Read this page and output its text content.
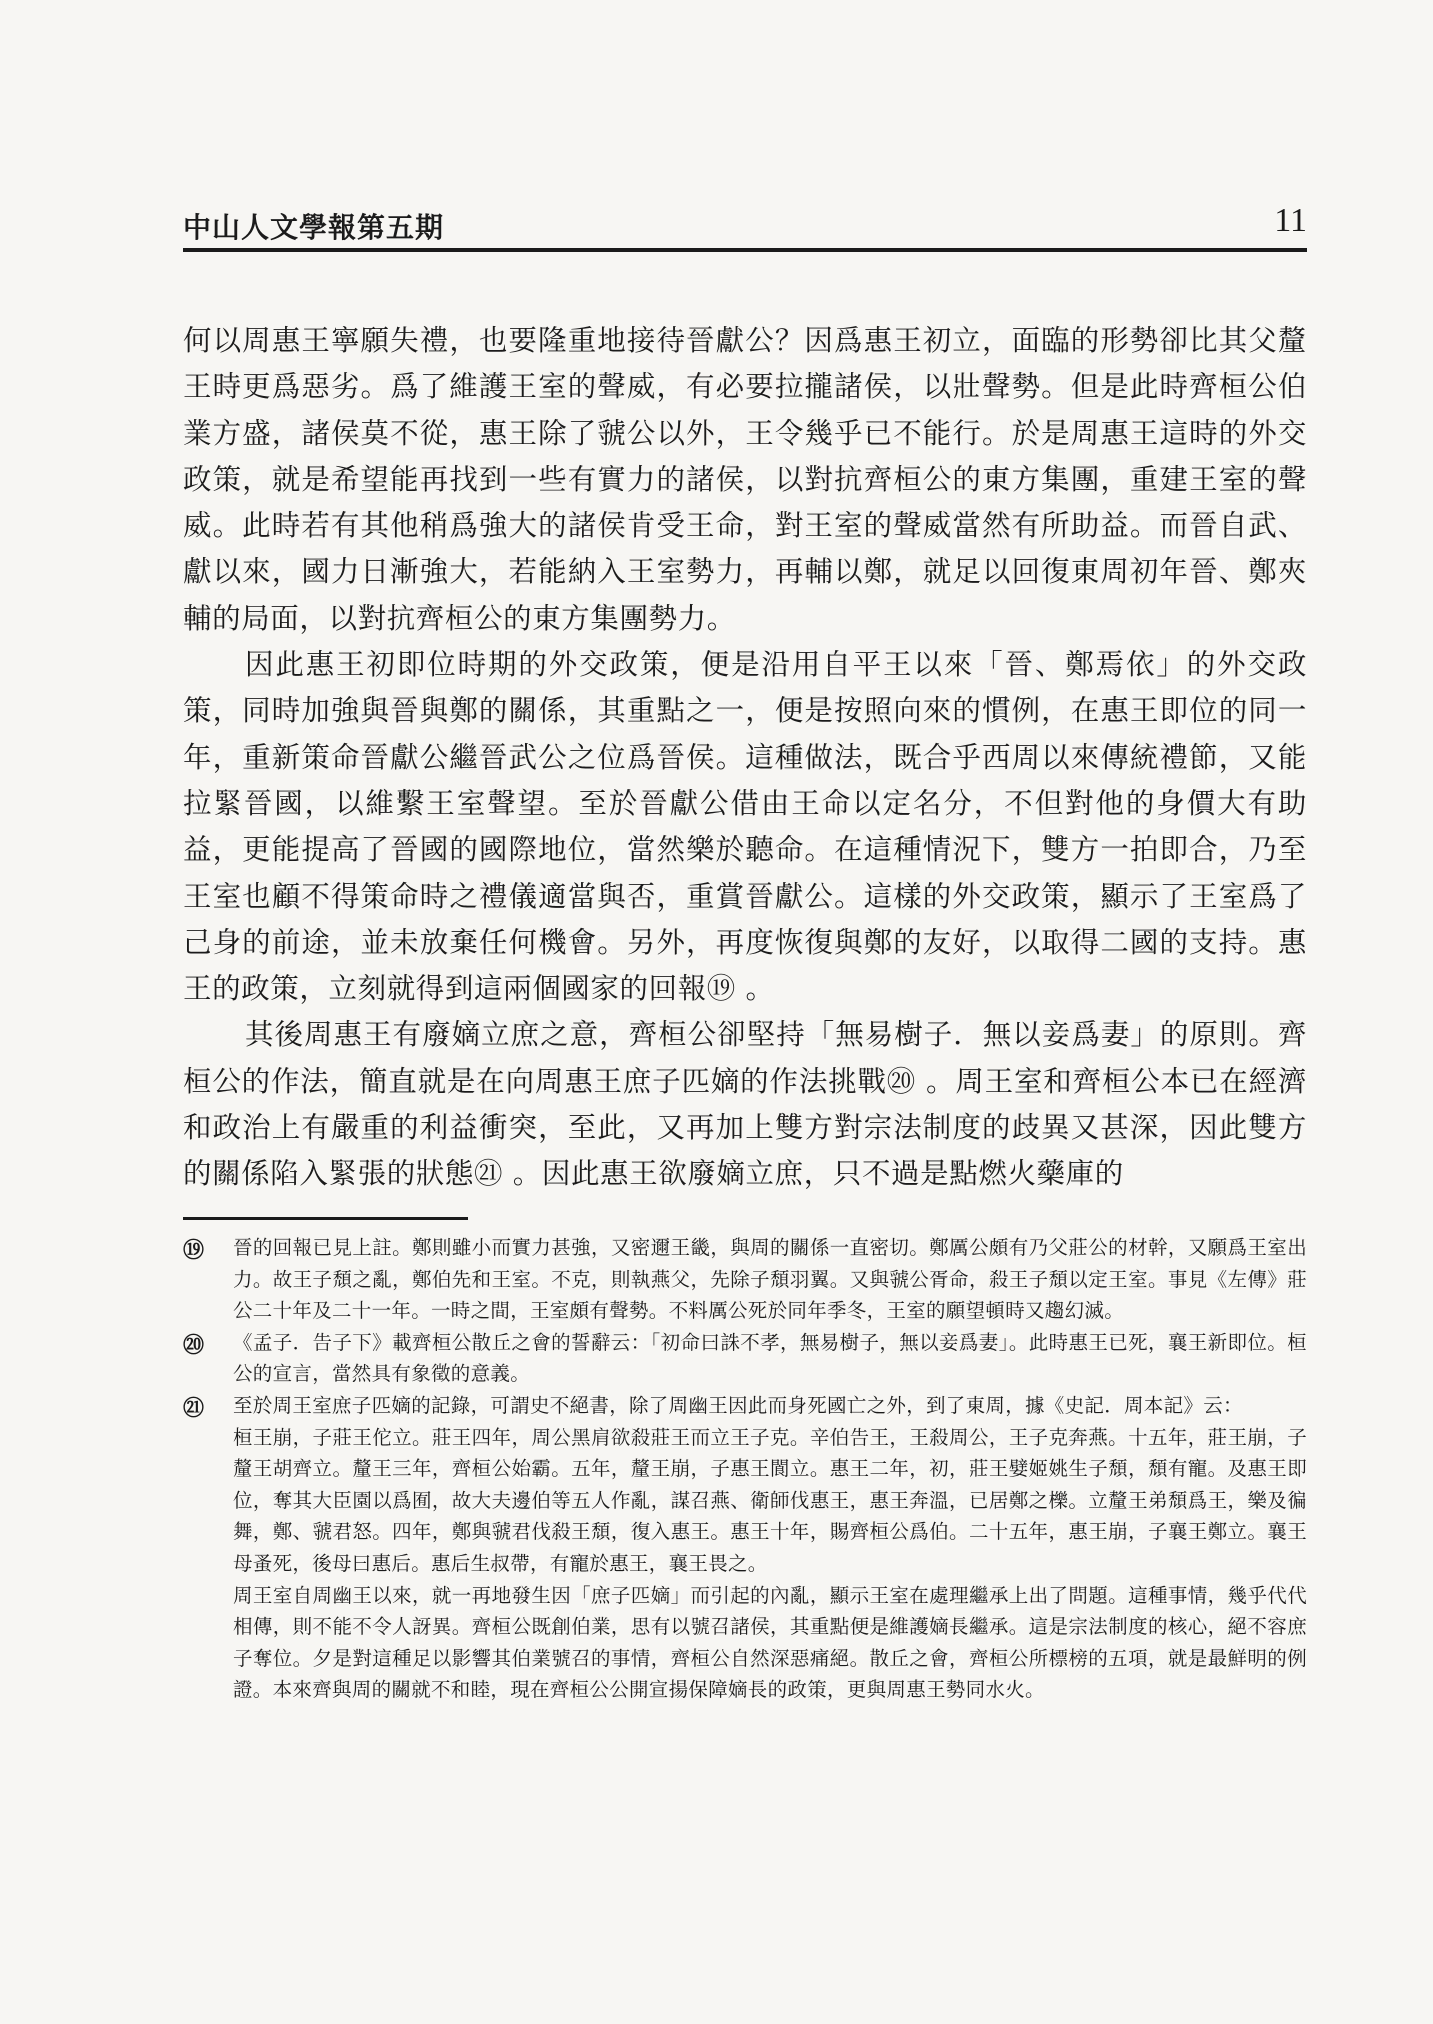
中山人文學報第五期	11

何以周惠王寧願失禮，也要隆重地接待晉獻公？因爲惠王初立，面臨的形勢卻比其父釐王時更爲惡劣。爲了維護王室的聲威，有必要拉攏諸侯，以壯聲勢。但是此時齊桓公伯業方盛，諸侯莫不從，惠王除了虢公以外，王令幾乎已不能行。於是周惠王這時的外交政策，就是希望能再找到一些有實力的諸侯，以對抗齊桓公的東方集團，重建王室的聲威。此時若有其他稍爲強大的諸侯肯受王命，對王室的聲威當然有所助益。而晉自武、獻以來，國力日漸強大，若能納入王室勢力，再輔以鄭，就足以回復東周初年晉、鄭夾輔的局面，以對抗齊桓公的東方集團勢力。

因此惠王初即位時期的外交政策，便是沿用自平王以來「晉、鄭焉依」的外交政策，同時加強與晉與鄭的關係，其重點之一，便是按照向來的慣例，在惠王即位的同一年，重新策命晉獻公繼晉武公之位爲晉侯。這種做法，既合乎西周以來傳統禮節，又能拉緊晉國，以維繫王室聲望。至於晉獻公借由王命以定名分，不但對他的身價大有助益，更能提高了晉國的國際地位，當然樂於聽命。在這種情況下，雙方一拍即合，乃至王室也顧不得策命時之禮儀適當與否，重賞晉獻公。這樣的外交政策，顯示了王室爲了己身的前途，並未放棄任何機會。另外，再度恢復與鄭的友好，以取得二國的支持。惠王的政策，立刻就得到這兩個國家的回報⑲ 。

其後周惠王有廢嫡立庶之意，齊桓公卻堅持「無易樹子．無以妾爲妻」的原則。齊桓公的作法，簡直就是在向周惠王庶子匹嫡的作法挑戰⑳ 。周王室和齊桓公本已在經濟和政治上有嚴重的利益衝突，至此，又再加上雙方對宗法制度的歧異又甚深，因此雙方的關係陷入緊張的狀態㉑ 。因此惠王欲廢嫡立庶，只不過是點燃火藥庫的

⑲ 晉的回報已見上註。鄭則雖小而實力甚強，又密邇王畿，與周的關係一直密切。鄭厲公頗有乃父莊公的材幹，又願爲王室出力。故王子頹之亂，鄭伯先和王室。不克，則執燕父，先除子頹羽翼。又與虢公胥命，殺王子頹以定王室。事見《左傳》莊公二十年及二十一年。一時之間，王室頗有聲勢。不料厲公死於同年季冬，王室的願望頓時又趨幻滅。

⑳ 《孟子．告子下》載齊桓公散丘之會的誓辭云：「初命曰誅不孝，無易樹子，無以妾爲妻」。此時惠王已死，襄王新即位。桓公的宣言，當然具有象徵的意義。

㉑ 至於周王室庶子匹嫡的記錄，可謂史不絕書，除了周幽王因此而身死國亡之外，到了東周，據《史記．周本記》云：

桓王崩，子莊王佗立。莊王四年，周公黑肩欲殺莊王而立王子克。辛伯告王，王殺周公，王子克奔燕。十五年，莊王崩，子釐王胡齊立。釐王三年，齊桓公始霸。五年，釐王崩，子惠王閬立。惠王二年，初，莊王嬖姬姚生子頹，頹有寵。及惠王即位，奪其大臣園以爲囿，故大夫邊伯等五人作亂，謀召燕、衛師伐惠王，惠王奔溫，已居鄭之櫟。立釐王弟頹爲王，樂及徧舞，鄭、虢君怒。四年，鄭與虢君伐殺王頹，復入惠王。惠王十年，賜齊桓公爲伯。二十五年，惠王崩，子襄王鄭立。襄王母蚤死，後母曰惠后。惠后生叔帶，有寵於惠王，襄王畏之。

周王室自周幽王以來，就一再地發生因「庶子匹嫡」而引起的內亂，顯示王室在處理繼承上出了問題。這種事情，幾乎代代相傳，則不能不令人訝異。齊桓公既創伯業，思有以號召諸侯，其重點便是維護嫡長繼承。這是宗法制度的核心，絕不容庶子奪位。夕是對這種足以影響其伯業號召的事情，齊桓公自然深惡痛絕。散丘之會，齊桓公所標榜的五項，就是最鮮明的例證。本來齊與周的關就不和睦，現在齊桓公公開宣揚保障嫡長的政策，更與周惠王勢同水火。
